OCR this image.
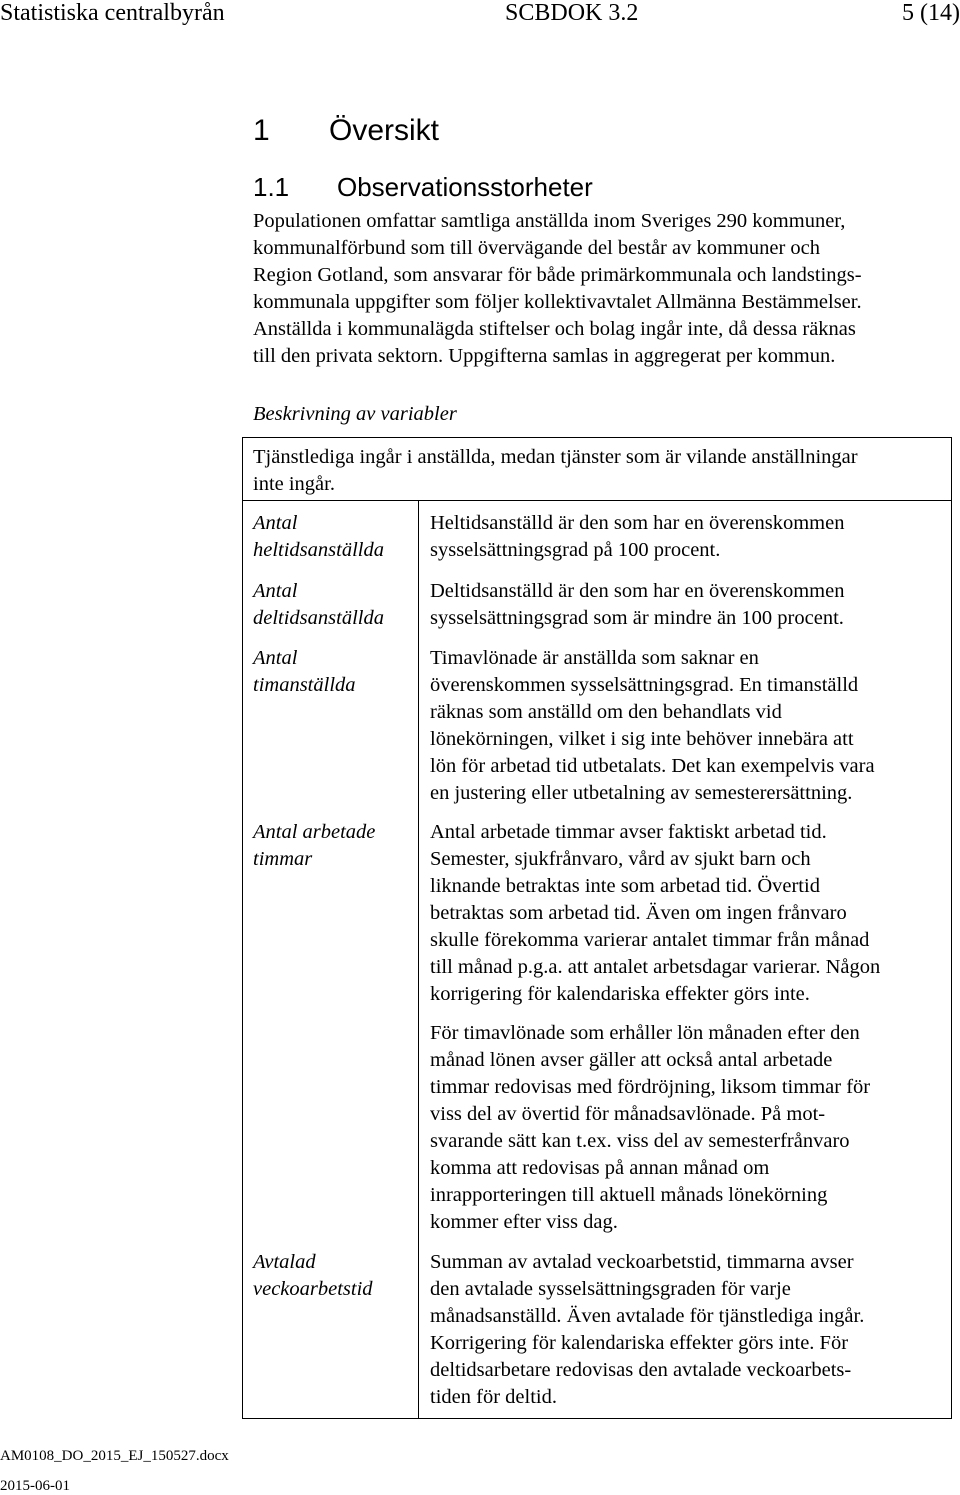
Statistiska centralbyrån	SCBDOK 3.2	5 (14)
1 Översikt
1.1 Observationsstorheter

Populationen omfattar samtliga anställda inom Sveriges 290 kommuner,
kommunalförbund som till övervägande del består av kommuner och
Region Gotland, som ansvarar för både primärkommunala och landstings-
kommunala uppgifter som följer kollektivavtalet Allmänna Bestämmelser.
Anställda i kommunalägda stiftelser och bolag ingår inte, då dessa räknas
till den privata sektorn. Uppgifterna samlas in aggregerat per kommun.

Beskrivning av variabler

Tjänstlediga ingår i anställda, medan tjänster som är vilande anställningar
inte ingår.
Antal
heltidsanställda
Heltidsanställd är den som har en överenskommen
sysselsättningsgrad på 100 procent.
Antal
deltidsanställda
Deltidsanställd är den som har en överenskommen
sysselsättningsgrad som är mindre än 100 procent.
Antal
timanställda
Timavlönade är anställda som saknar en
överenskommen sysselsättningsgrad. En timanställd
räknas som anställd om den behandlats vid
lönekörningen, vilket i sig inte behöver innebära att
lön för arbetad tid utbetalats. Det kan exempelvis vara
en justering eller utbetalning av semesterersättning.
Antal arbetade
timmar
Antal arbetade timmar avser faktiskt arbetad tid.
Semester, sjukfrånvaro, vård av sjukt barn och
liknande betraktas inte som arbetad tid. Övertid
betraktas som arbetad tid. Även om ingen frånvaro
skulle förekomma varierar antalet timmar från månad
till månad p.g.a. att antalet arbetsdagar varierar. Någon
korrigering för kalendariska effekter görs inte.
För timavlönade som erhåller lön månaden efter den
månad lönen avser gäller att också antal arbetade
timmar redovisas med fördröjning, liksom timmar för
viss del av övertid för månadsavlönade. På mot-
svarande sätt kan t.ex. viss del av semesterfrånvaro
komma att redovisas på annan månad om
inrapporteringen till aktuell månads lönekörning
kommer efter viss dag.
Avtalad
veckoarbetstid
Summan av avtalad veckoarbetstid, timmarna avser
den avtalade sysselsättningsgraden för varje
månadsanställd. Även avtalade för tjänstlediga ingår.
Korrigering för kalendariska effekter görs inte. För
deltidsarbetare redovisas den avtalade veckoarbets-
tiden för deltid.
AM0108_DO_2015_EJ_150527.docx
2015-06-01
